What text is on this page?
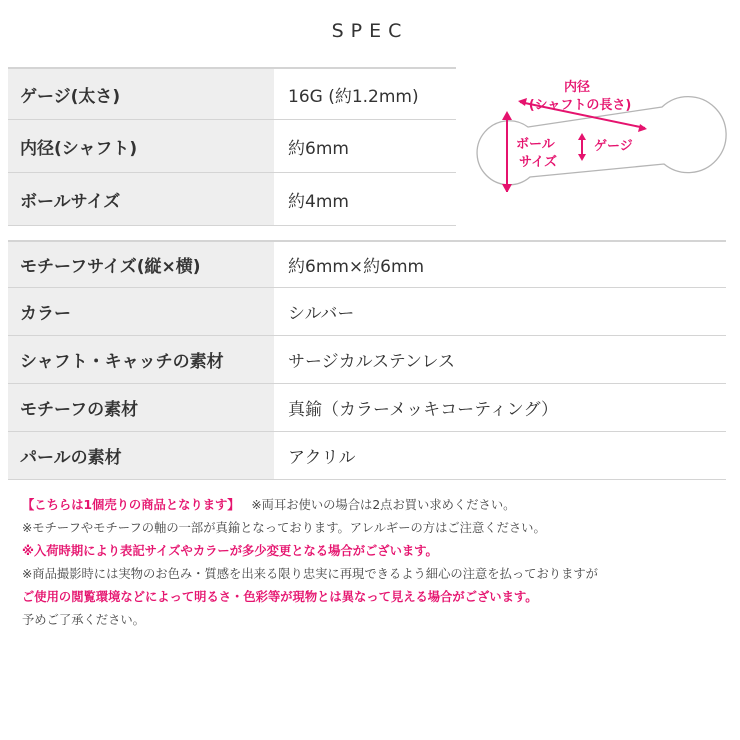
SPEC
ゲージ(太さ)	16G (約1.2mm)
内径(シャフト)	約6mm
ボールサイズ	約4mm
内径
(シャフトの長さ)
ボール
サイズ
ゲージ
モチーフサイズ(縦×横)	約6mm×約6mm
カラー	シルバー
シャフト・キャッチの素材	サージカルステンレス
モチーフの素材	真鍮（カラーメッキコーティング）
パールの素材	アクリル
【こちらは1個売りの商品となります】 ※両耳お使いの場合は2点お買い求めください。
※モチーフやモチーフの軸の一部が真鍮となっております。アレルギーの方はご注意ください。
※入荷時期により表記サイズやカラーが多少変更となる場合がございます。
※商品撮影時には実物のお色み・質感を出来る限り忠実に再現できるよう細心の注意を払っておりますが
ご使用の閲覧環境などによって明るさ・色彩等が現物とは異なって見える場合がございます。
予めご了承ください。
